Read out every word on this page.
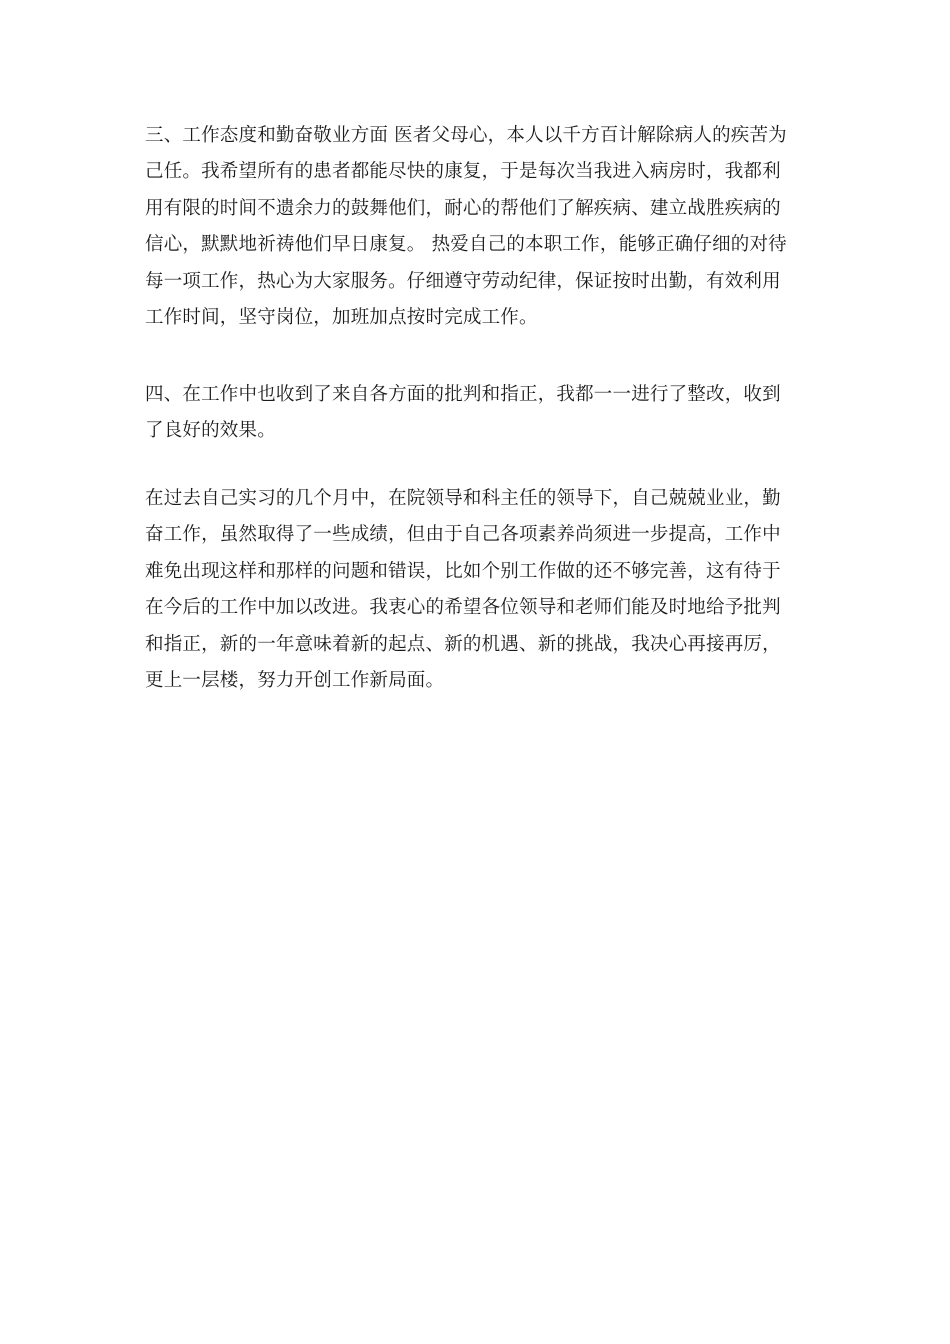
三、工作态度和勤奋敬业方面 医者父母心，本人以千方百计解除病人的疾苦为
己任。我希望所有的患者都能尽快的康复，于是每次当我进入病房时，我都利
用有限的时间不遗余力的鼓舞他们，耐心的帮他们了解疾病、建立战胜疾病的
信心，默默地祈祷他们早日康复。 热爱自己的本职工作，能够正确仔细的对待
每一项工作，热心为大家服务。仔细遵守劳动纪律，保证按时出勤，有效利用
工作时间，坚守岗位，加班加点按时完成工作。

四、在工作中也收到了来自各方面的批判和指正，我都一一进行了整改，收到
了良好的效果。

在过去自己实习的几个月中，在院领导和科主任的领导下，自己兢兢业业，勤
奋工作，虽然取得了一些成绩，但由于自己各项素养尚须进一步提高，工作中
难免出现这样和那样的问题和错误，比如个别工作做的还不够完善，这有待于
在今后的工作中加以改进。我衷心的希望各位领导和老师们能及时地给予批判
和指正，新的一年意味着新的起点、新的机遇、新的挑战，我决心再接再厉，
更上一层楼，努力开创工作新局面。
